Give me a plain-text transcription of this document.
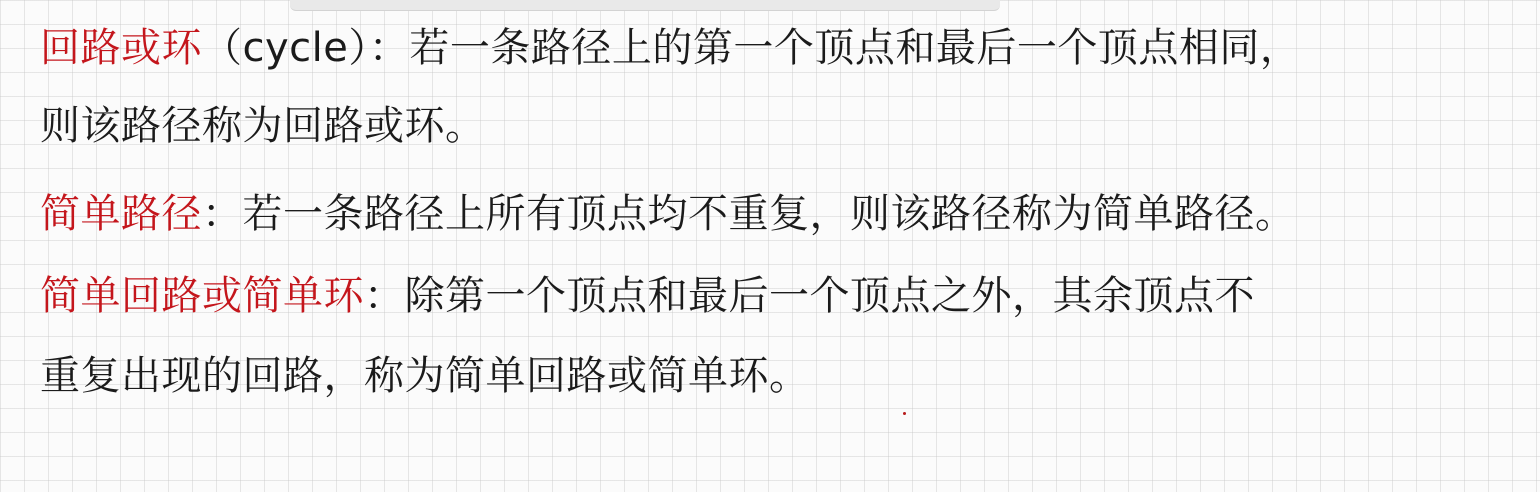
回路或环（cycle）：若一条路径上的第一个顶点和最后一个顶点相同，
则该路径称为回路或环。
简单路径：若一条路径上所有顶点均不重复，则该路径称为简单路径。
简单回路或简单环：除第一个顶点和最后一个顶点之外，其余顶点不
重复出现的回路，称为简单回路或简单环。
